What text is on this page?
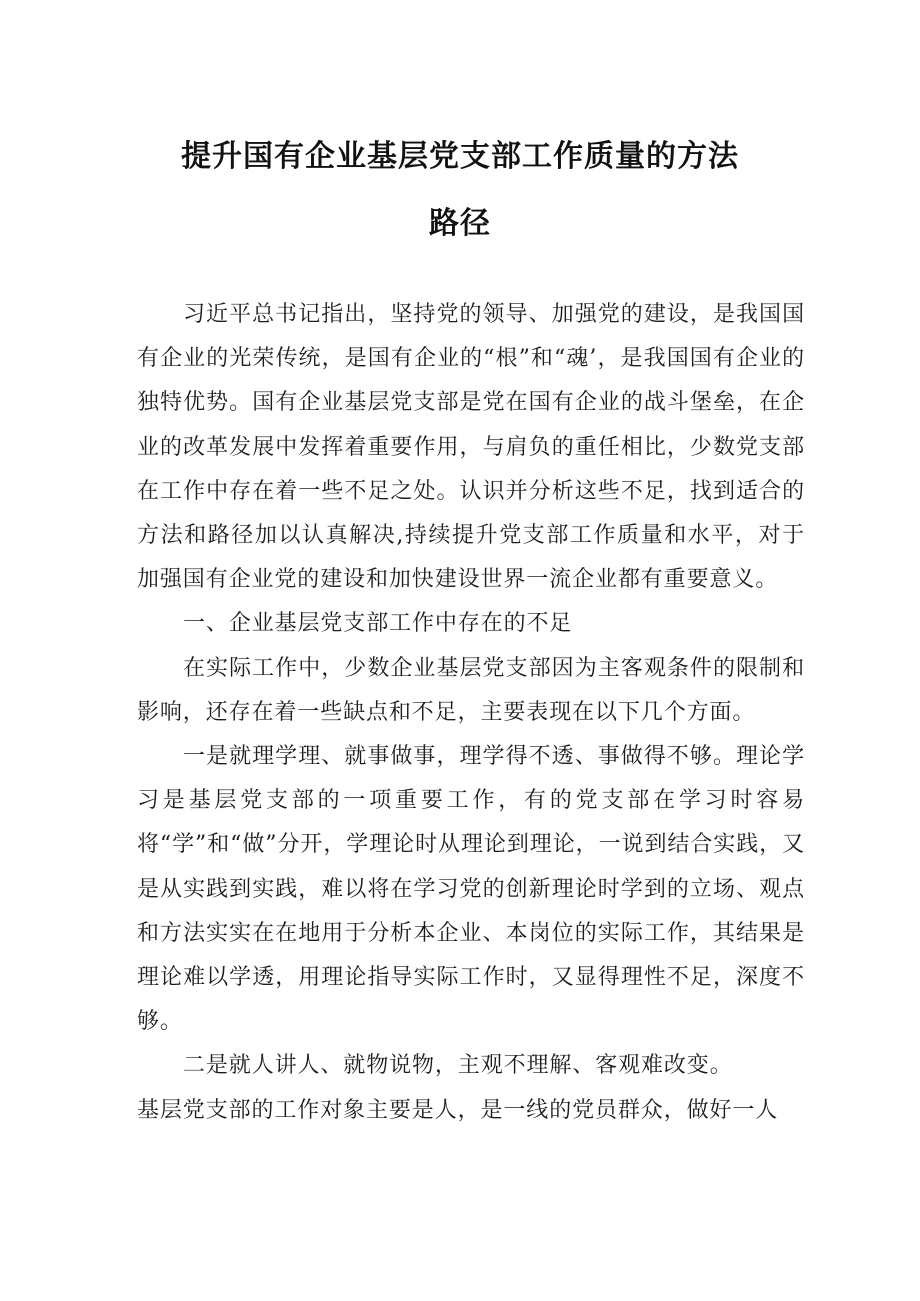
提升国有企业基层党支部工作质量的方法
路径

习近平总书记指出，坚持党的领导、加强党的建设，是我国国有企业的光荣传统，是国有企业的“根”和“魂’，是我国国有企业的独特优势。国有企业基层党支部是党在国有企业的战斗堡垒，在企业的改革发展中发挥着重要作用，与肩负的重任相比，少数党支部在工作中存在着一些不足之处。认识并分析这些不足，找到适合的方法和路径加以认真解决,持续提升党支部工作质量和水平，对于加强国有企业党的建设和加快建设世界一流企业都有重要意义。

一、企业基层党支部工作中存在的不足

在实际工作中，少数企业基层党支部因为主客观条件的限制和影响，还存在着一些缺点和不足，主要表现在以下几个方面。

一是就理学理、就事做事，理学得不透、事做得不够。理论学习是基层党支部的一项重要工作，有的党支部在学习时容易将“学”和“做”分开，学理论时从理论到理论，一说到结合实践，又是从实践到实践，难以将在学习党的创新理论时学到的立场、观点和方法实实在在地用于分析本企业、本岗位的实际工作，其结果是理论难以学透，用理论指导实际工作时，又显得理性不足，深度不够。

二是就人讲人、就物说物，主观不理解、客观难改变。

基层党支部的工作对象主要是人，是一线的党员群众，做好一人
